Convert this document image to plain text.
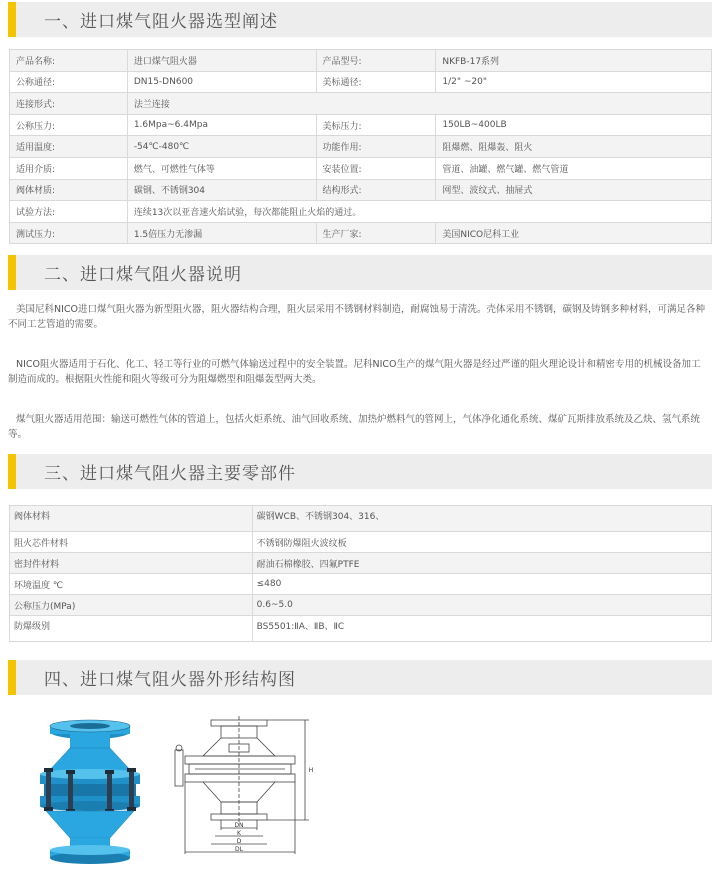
一、进口煤气阻火器选型阐述
产品名称:	进口煤气阻火器	产品型号:	NKFB-17系列
公称通径:	DN15-DN600	美标通径:	1/2" ~20"
连接形式:	法兰连接		
公称压力:	1.6Mpa~6.4Mpa	美标压力:	150LB~400LB
适用温度:	-54℃-480℃	功能作用:	阻爆燃、阻爆轰、阻火
适用介质:	燃气、可燃性气体等	安装位置:	管道、油罐、燃气罐、燃气管道
阀体材质:	碳钢、不锈钢304	结构形式:	网型、波纹式、抽屉式
试验方法:	连续13次以亚音速火焰试验，每次都能阻止火焰的通过。		
测试压力:	1.5倍压力无渗漏	生产厂家:	美国NICO尼科工业
二、进口煤气阻火器说明

美国尼科NICO进口煤气阻火器为新型阻火器，阻火器结构合理，阻火层采用不锈钢材料制造，耐腐蚀易于清洗。壳体采用不锈钢，碳钢及铸钢多种材料，可满足各种不同工艺管道的需要。

NICO阻火器适用于石化、化工、轻工等行业的可燃气体输送过程中的安全装置。尼科NICO生产的煤气阻火器是经过严谨的阻火理论设计和精密专用的机械设备加工制造而成的。根据阻火性能和阻火等级可分为阻爆燃型和阻爆轰型两大类。

煤气阻火器适用范围：输送可燃性气体的管道上，包括火炬系统、油气回收系统、加热炉燃料气的管网上，气体净化通化系统、煤矿瓦斯排放系统及乙炔、氢气系统等。

三、进口煤气阻火器主要零部件
阀体材料	碳钢WCB、不锈钢304、316、
阻火芯件材料	不锈钢防爆阻火波纹板
密封件材料	耐油石棉橡胶、四氟PTFE
环境温度 ℃	≤480
公称压力(MPa)	0.6~5.0
防爆级别	BS5501:ⅡA、ⅡB、ⅡC
四、进口煤气阻火器外形结构图
DN
K
D
DL
H
